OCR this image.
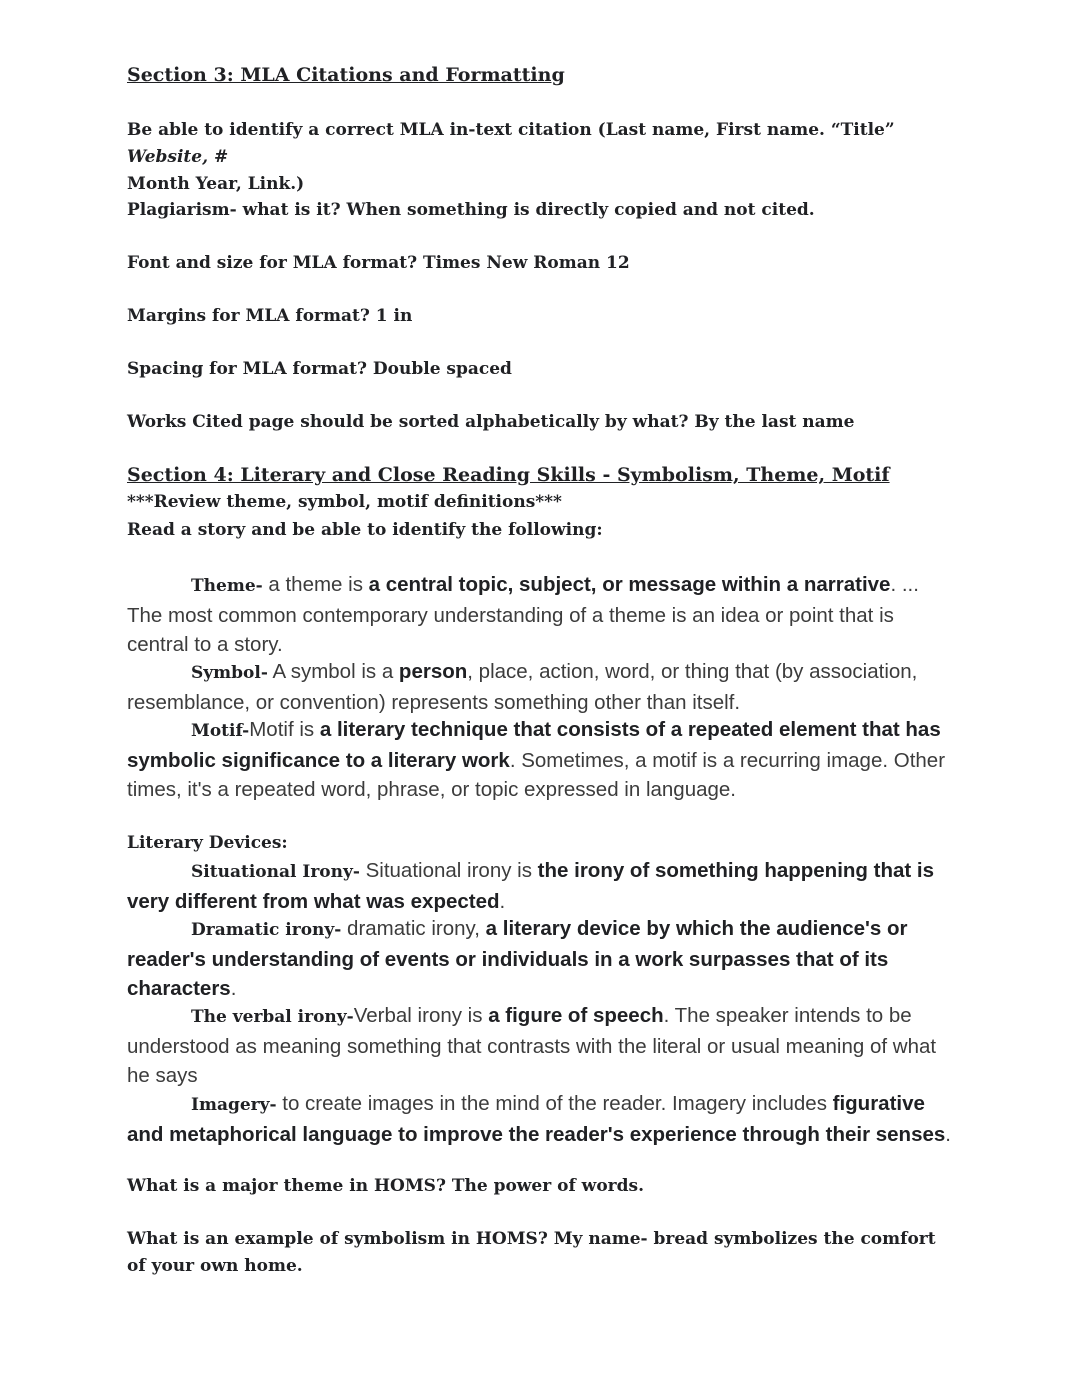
Section 3: MLA Citations and Formatting
Be able to identify a correct MLA in-text citation (Last name, First name. “Title” Website, #
Month Year, Link.)
Plagiarism- what is it? When something is directly copied and not cited.
Font and size for MLA format? Times New Roman 12
Margins for MLA format? 1 in
Spacing for MLA format? Double spaced
Works Cited page should be sorted alphabetically by what? By the last name
Section 4: Literary and Close Reading Skills - Symbolism, Theme, Motif
***Review theme, symbol, motif definitions***
Read a story and be able to identify the following:
Theme- a theme is a central topic, subject, or message within a narrative. ... The most common contemporary understanding of a theme is an idea or point that is central to a story.
Symbol- A symbol is a person, place, action, word, or thing that (by association, resemblance, or convention) represents something other than itself.
Motif-Motif is a literary technique that consists of a repeated element that has symbolic significance to a literary work. Sometimes, a motif is a recurring image. Other times, it's a repeated word, phrase, or topic expressed in language.
Literary Devices:
Situational Irony- Situational irony is the irony of something happening that is very different from what was expected.
Dramatic irony- dramatic irony, a literary device by which the audience's or reader's understanding of events or individuals in a work surpasses that of its characters.
The verbal irony-Verbal irony is a figure of speech. The speaker intends to be understood as meaning something that contrasts with the literal or usual meaning of what he says
Imagery- to create images in the mind of the reader. Imagery includes figurative and metaphorical language to improve the reader's experience through their senses.
What is a major theme in HOMS? The power of words.
What is an example of symbolism in HOMS? My name- bread symbolizes the comfort of your own home.
